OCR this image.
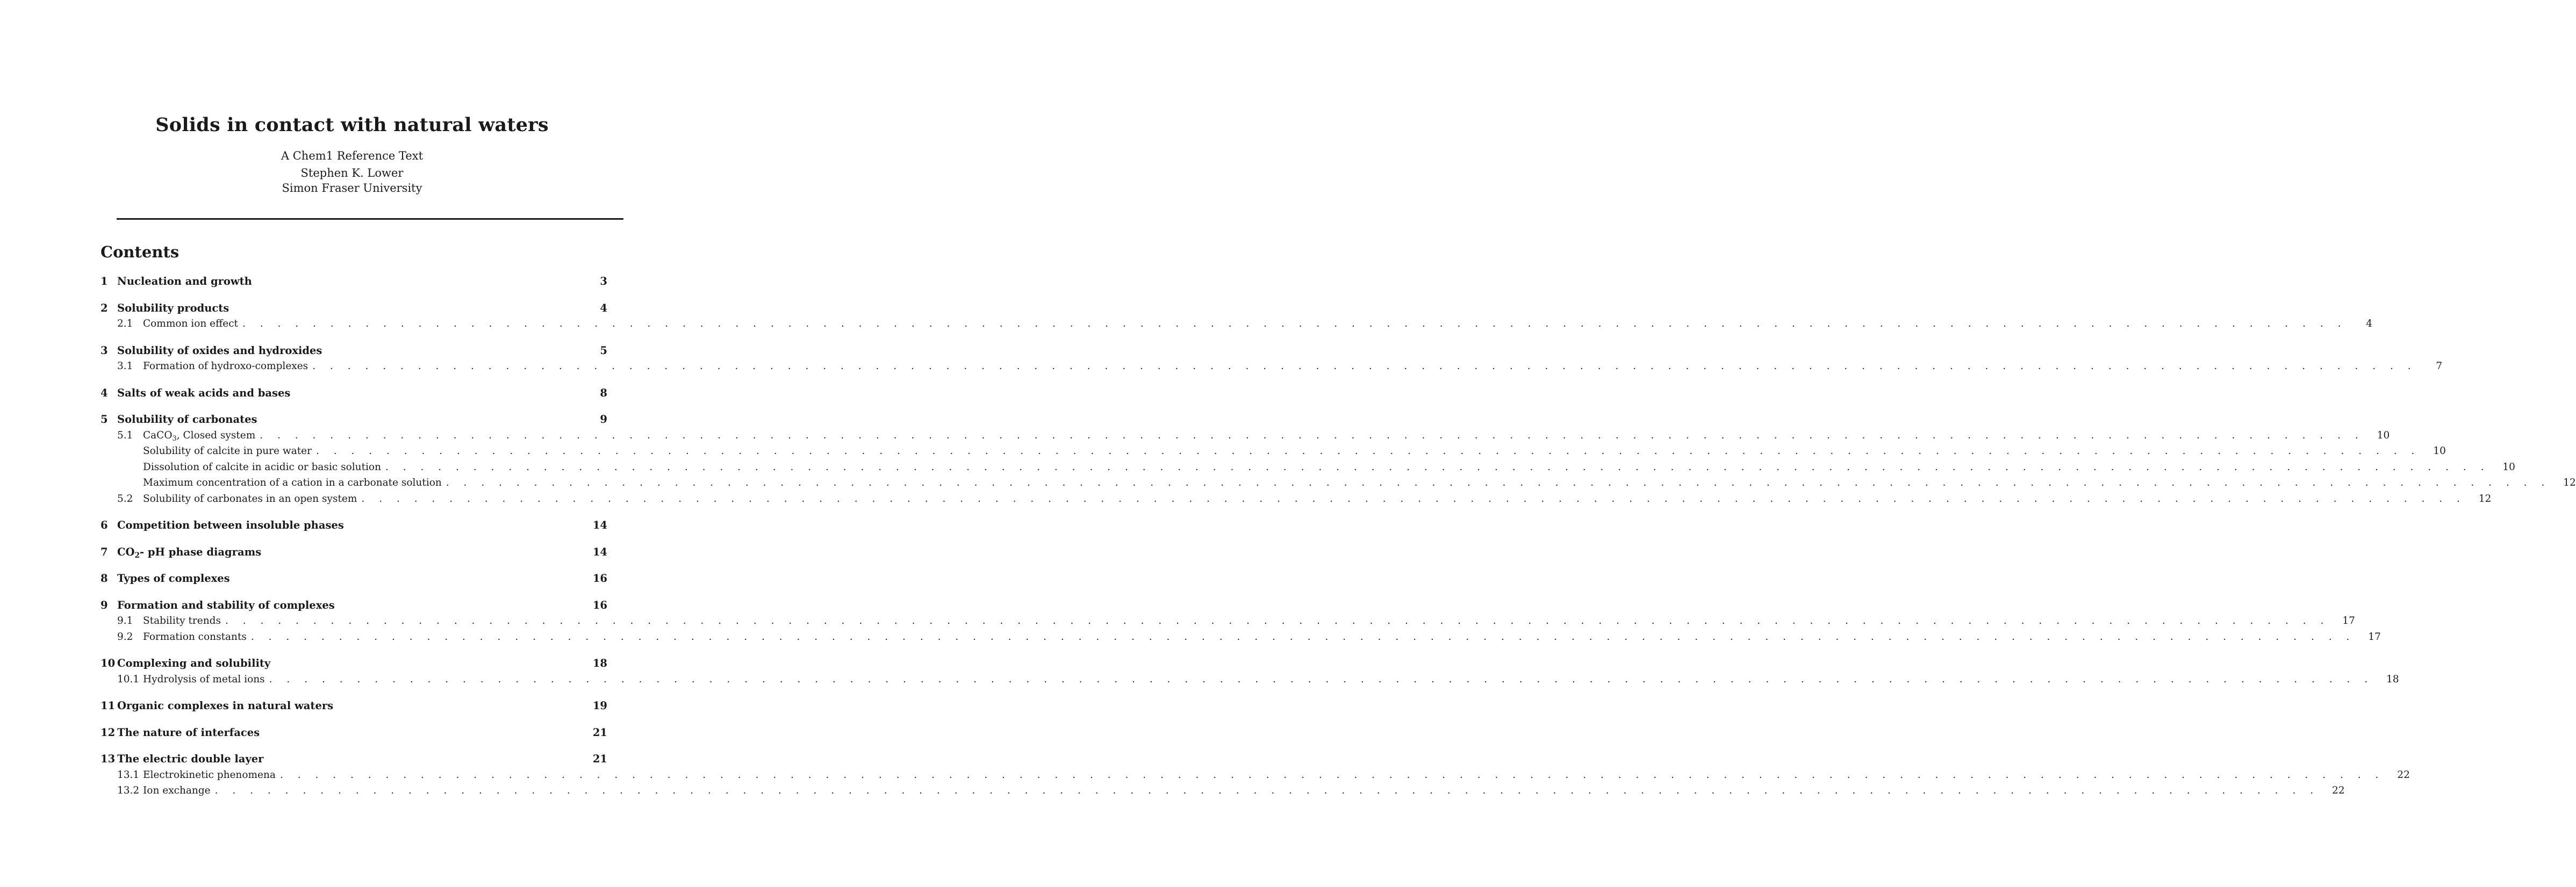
Solids in contact with natural waters

A Chem1 Reference Text

Stephen K. Lower

Simon Fraser University

Contents
1 Nucleation and growth	3
2 Solubility products	4
2.1	Common ion effect . . . . . . . . . . . . . . . . . . . . . . . . . . . . . . . . . . . . . . . . . . . . . . . . . . . . . . . . . . . . . . . . . . . . . . . . . . . . . . . . . . . . . . . . . . . . . . . . . . . . . . . . . . . . . . . . . . . . . . . .	4
3 Solubility of oxides and hydroxides	5
3.1	Formation of hydroxo-complexes . . . . . . . . . . . . . . . . . . . . . . . . . . . . . . . . . . . . . . . . . . . . . . . . . . . . . . . . . . . . . . . . . . . . . . . . . . . . . . . . . . . . . . . . . . . . . . . . . . . . . . . . . . . . . . . . . . . . . . . .	7
4 Salts of weak acids and bases	8
5 Solubility of carbonates	9
5.1	CaCO$_3$, Closed system . . . . . . . . . . . . . . . . . . . . . . . . . . . . . . . . . . . . . . . . . . . . . . . . . . . . . . . . . . . . . . . . . . . . . . . . . . . . . . . . . . . . . . . . . . . . . . . . . . . . . . . . . . . . . . . . . . . . . . . .	10
Solubility of calcite in pure water . . . . . . . . . . . . . . . . . . . . . . . . . . . . . . . . . . . . . . . . . . . . . . . . . . . . . . . . . . . . . . . . . . . . . . . . . . . . . . . . . . . . . . . . . . . . . . . . . . . . . . . . . . . . . . . . . . . . . . . .	10
Dissolution of calcite in acidic or basic solution . . . . . . . . . . . . . . . . . . . . . . . . . . . . . . . . . . . . . . . . . . . . . . . . . . . . . . . . . . . . . . . . . . . . . . . . . . . . . . . . . . . . . . . . . . . . . . . . . . . . . . . . . . . . . . . . . . . . . . . .	10
Maximum concentration of a cation in a carbonate solution . . . . . . . . . . . . . . . . . . . . . . . . . . . . . . . . . . . . . . . . . . . . . . . . . . . . . . . . . . . . . . . . . . . . . . . . . . . . . . . . . . . . . . . . . . . . . . . . . . . . . . . . . . . . . . . . . . . . . . . .	12
5.2	Solubility of carbonates in an open system . . . . . . . . . . . . . . . . . . . . . . . . . . . . . . . . . . . . . . . . . . . . . . . . . . . . . . . . . . . . . . . . . . . . . . . . . . . . . . . . . . . . . . . . . . . . . . . . . . . . . . . . . . . . . . . . . . . . . . . .	12
6 Competition between insoluble phases	14
7 $CO_2-$ pH phase diagrams	14
8 Types of complexes	16
9 Formation and stability of complexes	16
9.1	Stability trends . . . . . . . . . . . . . . . . . . . . . . . . . . . . . . . . . . . . . . . . . . . . . . . . . . . . . . . . . . . . . . . . . . . . . . . . . . . . . . . . . . . . . . . . . . . . . . . . . . . . . . . . . . . . . . . . . . . . . . . .	17
9.2	Formation constants . . . . . . . . . . . . . . . . . . . . . . . . . . . . . . . . . . . . . . . . . . . . . . . . . . . . . . . . . . . . . . . . . . . . . . . . . . . . . . . . . . . . . . . . . . . . . . . . . . . . . . . . . . . . . . . . . . . . . . . .	17
10 Complexing and solubility	18
10.1 Hydrolysis of metal ions . . . . . . . . . . . . . . . . . . . . . . . . . . . . . . . . . . . . . . . . . . . . . . . . . . . . . . . . . . . . . . . . . . . . . . . . . . . . . . . . . . . . . . . . . . . . . . . . . . . . . . . . . . . . . . . . . . . . . . . .	18
11 Organic complexes in natural waters	19
12 The nature of interfaces	21
13 The electric double layer	21
13.1 Electrokinetic phenomena . . . . . . . . . . . . . . . . . . . . . . . . . . . . . . . . . . . . . . . . . . . . . . . . . . . . . . . . . . . . . . . . . . . . . . . . . . . . . . . . . . . . . . . . . . . . . . . . . . . . . . . . . . . . . . . . . . . . . . . .	22
13.2 Ion exchange . . . . . . . . . . . . . . . . . . . . . . . . . . . . . . . . . . . . . . . . . . . . . . . . . . . . . . . . . . . . . . . . . . . . . . . . . . . . . . . . . . . . . . . . . . . . . . . . . . . . . . . . . . . . . . . . . . . . . . . .	22
